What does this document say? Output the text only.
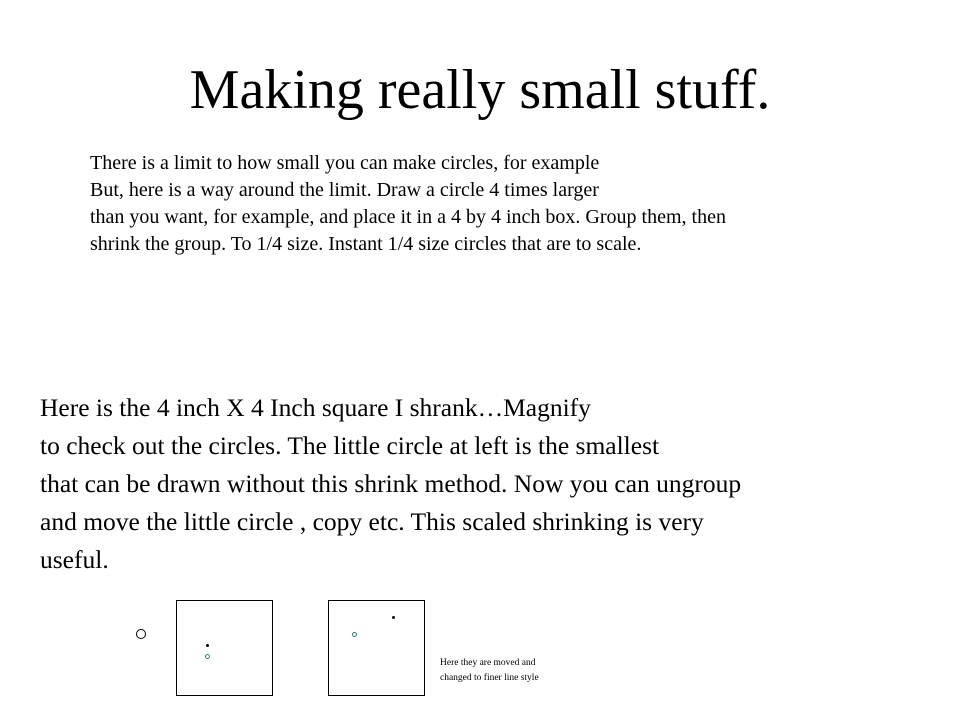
Making really small stuff.
There is a limit to how small you can make circles, for example
But, here is a way around the limit. Draw a circle 4 times larger
than you want, for example, and place it in a 4 by 4 inch box. Group them, then
shrink the group. To 1/4 size. Instant 1/4 size circles that are to scale.
Here is the 4 inch X 4 Inch square I shrank…Magnify
to check out the circles. The little circle at left is the smallest
that can be drawn without this shrink method. Now you can ungroup
and move the little circle , copy etc. This scaled shrinking is very
useful.
Here they are moved and
changed to finer line style
